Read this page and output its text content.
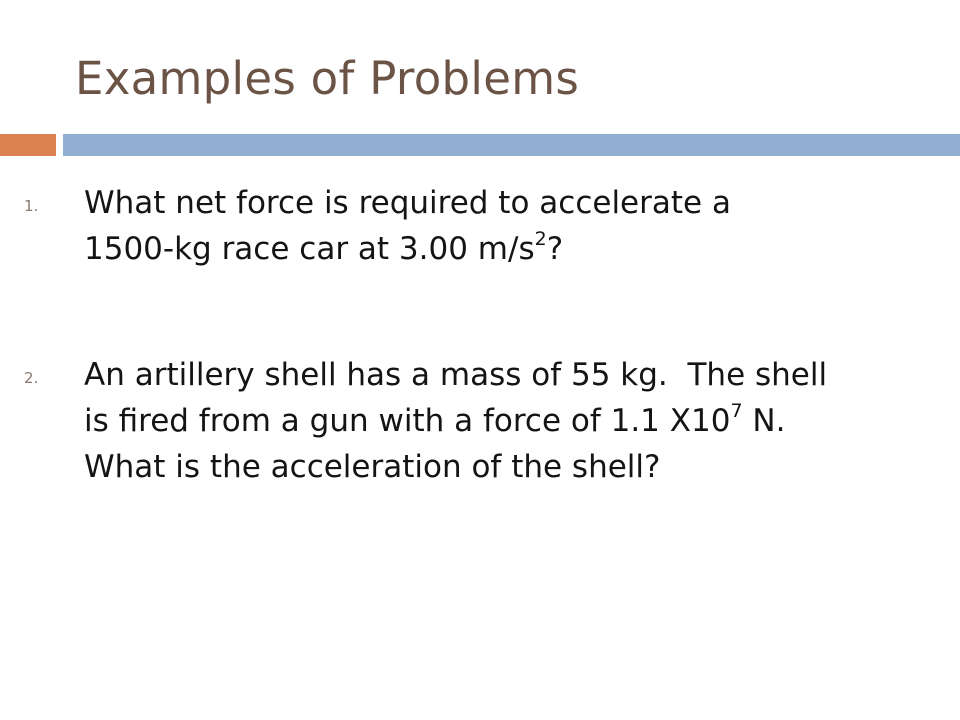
Examples of Problems
1. What net force is required to accelerate a
1500-kg race car at 3.00 $m/s^2$?
2. An artillery shell has a mass of 55 kg.  The shell
is fired from a gun with a force of 1.1 $X10^7$ N.
What is the acceleration of the shell?
